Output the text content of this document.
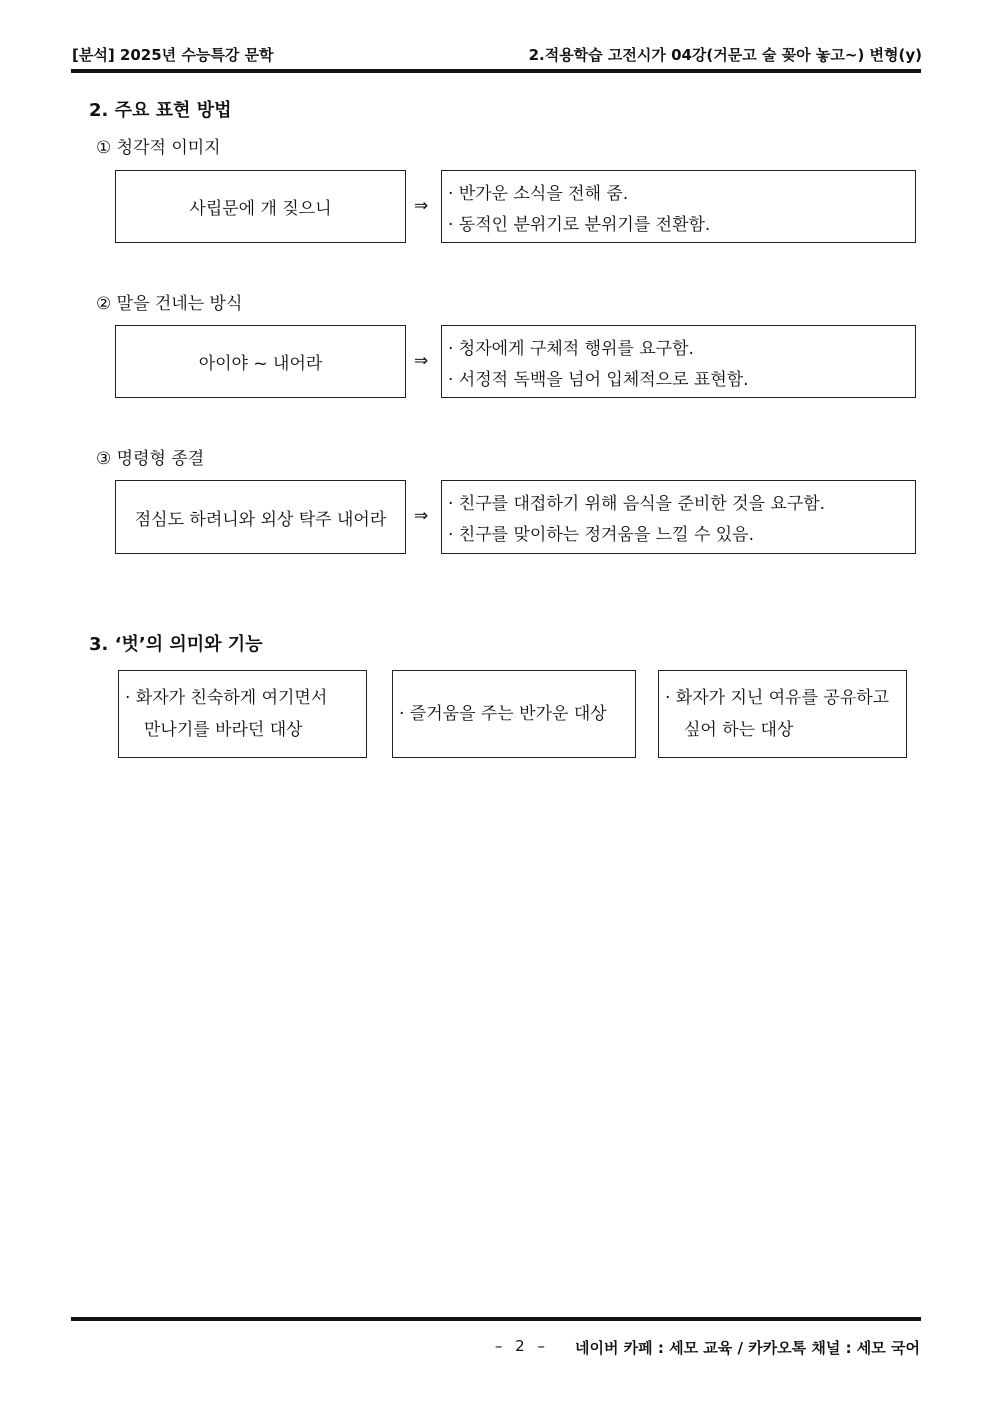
[분석] 2025년 수능특강 문학	2.적용학습 고전시가 04강(거문고 술 꽂아 놓고~) 변형(y)
2. 주요 표현 방법
① 청각적 이미지
사립문에 개 짖으니	⇒
· 반가운 소식을 전해 줌.
· 동적인 분위기로 분위기를 전환함.
② 말을 건네는 방식
아이야 ~ 내어라	⇒
· 청자에게 구체적 행위를 요구함.
· 서정적 독백을 넘어 입체적으로 표현함.
③ 명령형 종결
점심도 하려니와 외상 탁주 내어라 ⇒
· 친구를 대접하기 위해 음식을 준비한 것을 요구함.
· 친구를 맞이하는 정겨움을 느낄 수 있음.
3. ‘벗’의 의미와 기능
· 화자가 친숙하게 여기면서
만나기를 바라던 대상
· 즐거움을 주는 반가운 대상
· 화자가 지닌 여유를 공유하고
싶어 하는 대상
– 2 – 네이버 카페 : 세모 교육 / 카카오톡 채널 : 세모 국어
